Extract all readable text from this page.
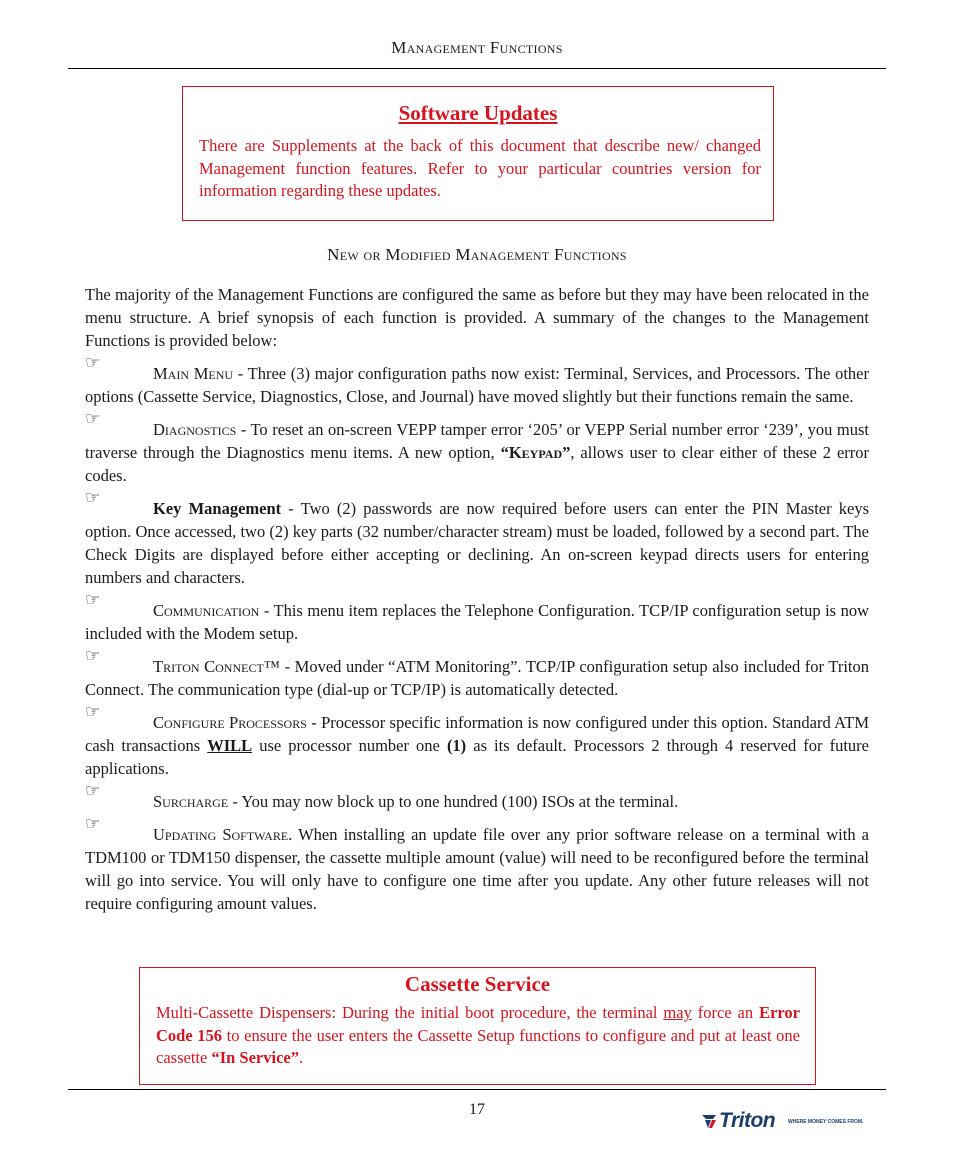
Management Functions
Software Updates
There are Supplements at the back of this document that describe new/ changed Management function features. Refer to your particular countries version for information regarding these updates.
New or Modified Management Functions

The majority of the Management Functions are configured the same as before but they may have been relocated in the menu structure. A brief synopsis of each function is provided. A summary of the changes to the Management Functions is provided below:

☞
Main Menu - Three (3) major configuration paths now exist: Terminal, Services, and Processors. The other options (Cassette Service, Diagnostics, Close, and Journal) have moved slightly but their functions remain the same.
☞
Diagnostics - To reset an on-screen VEPP tamper error ‘205’ or VEPP Serial number error ‘239’, you must traverse through the Diagnostics menu items. A new option, “Keypad”, allows user to clear either of these 2 error codes.
☞
Key Management - Two (2) passwords are now required before users can enter the PIN Master keys option. Once accessed, two (2) key parts (32 number/character stream) must be loaded, followed by a second part. The Check Digits are displayed before either accepting or declining. An on-screen keypad directs users for entering numbers and characters.
☞
Communication - This menu item replaces the Telephone Configuration. TCP/IP configuration setup is now included with the Modem setup.
☞
Triton Connect™ - Moved under “ATM Monitoring”. TCP/IP configuration setup also included for Triton Connect. The communication type (dial-up or TCP/IP) is automatically detected.
☞
Configure Processors - Processor specific information is now configured under this option. Standard ATM cash transactions WILL use processor number one (1) as its default. Processors 2 through 4 reserved for future applications.
☞
Surcharge - You may now block up to one hundred (100) ISOs at the terminal.
☞
Updating Software. When installing an update file over any prior software release on a terminal with a TDM100 or TDM150 dispenser, the cassette multiple amount (value) will need to be reconfigured before the terminal will go into service. You will only have to configure one time after you update. Any other future releases will not require configuring amount values.
Cassette Service
Multi-Cassette Dispensers: During the initial boot procedure, the terminal may force an Error Code 156 to ensure the user enters the Cassette Setup functions to configure and put at least one cassette “In Service”.
17	Triton	WHERE MONEY COMES FROM.
